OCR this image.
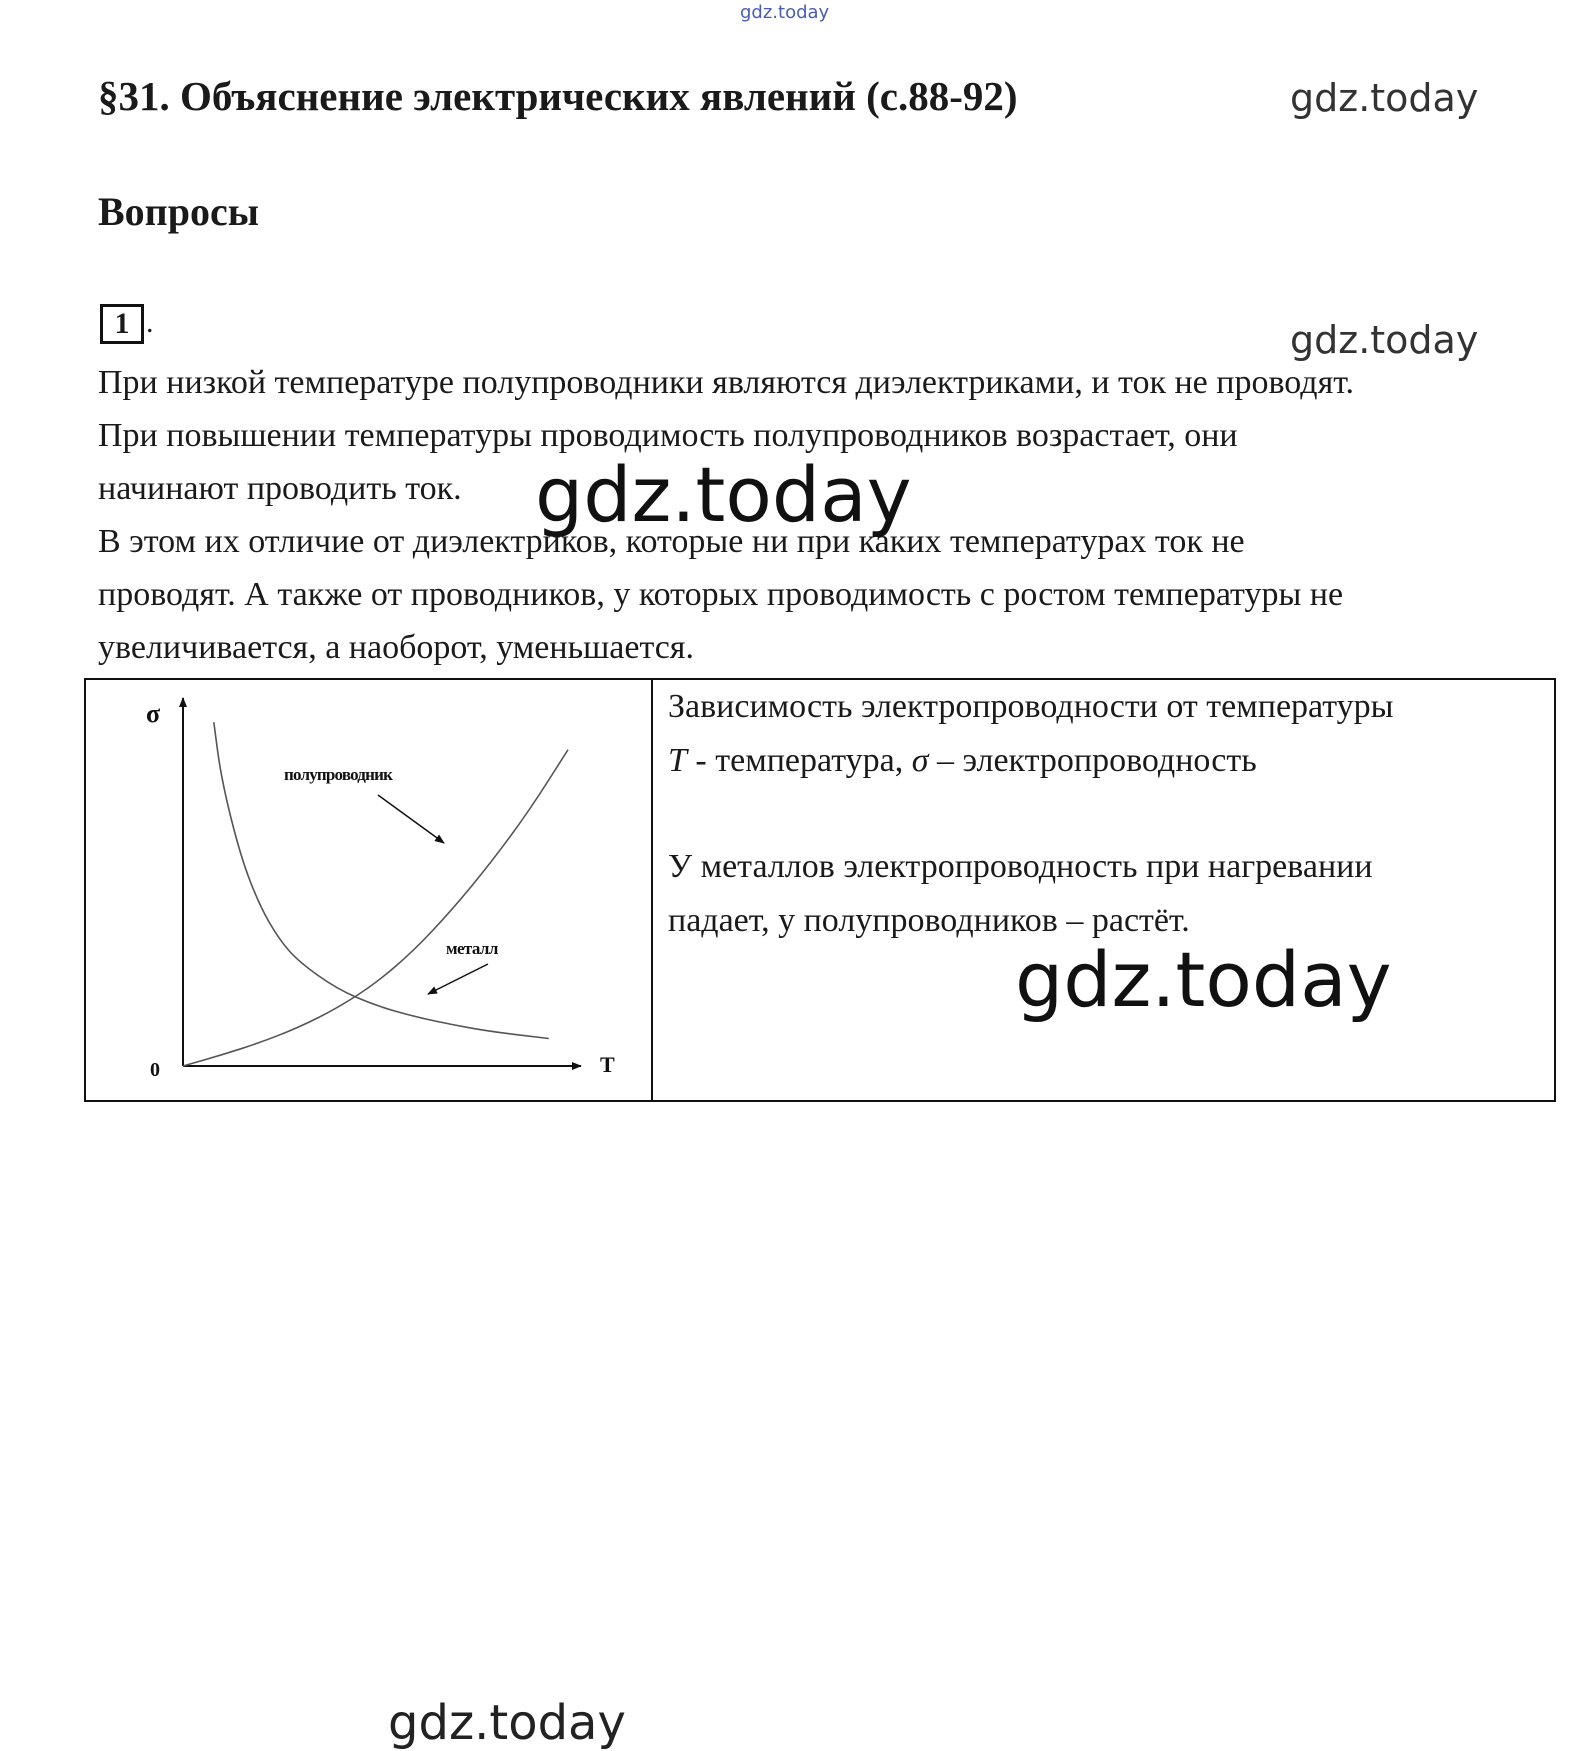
gdz.today
gdz.today
gdz.today
§31. Объяснение электрических явлений (с.88-92)
Вопросы
1 .
При низкой температуре полупроводники являются диэлектриками, и ток не проводят.
При повышении температуры проводимость полупроводников возрастает, они
начинают проводить ток.
В этом их отличие от диэлектриков, которые ни при каких температурах ток не
проводят. А также от проводников, у которых проводимость с ростом температуры не
увеличивается, а наоборот, уменьшается.
gdz.today
σ
T
0
полупроводник
металл
gdz.today
Зависимость электропроводности от температуры
T - температура, σ – электропроводность
У металлов электропроводность при нагревании
падает, у полупроводников – растёт.
gdz.today
